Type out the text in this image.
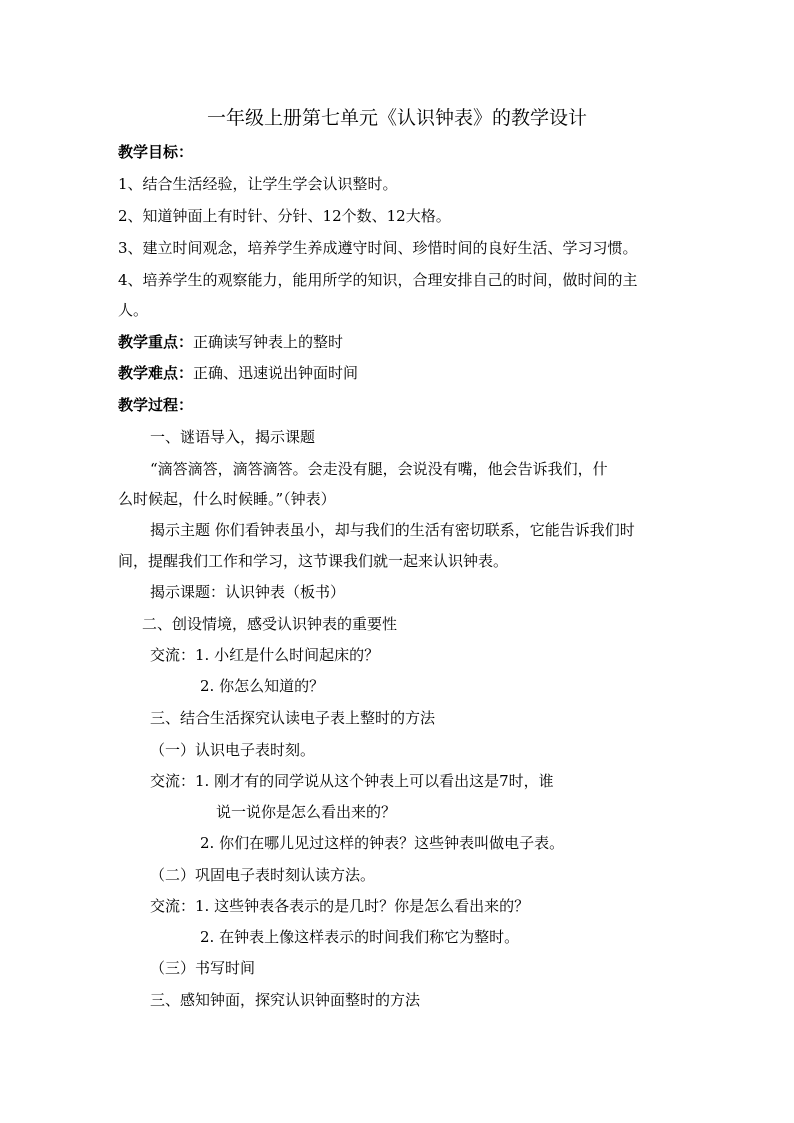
一年级上册第七单元《认识钟表》的教学设计
教学目标：
1、结合生活经验，让学生学会认识整时。
2、知道钟面上有时针、分针、12个数、12大格。
3、建立时间观念，培养学生养成遵守时间、珍惜时间的良好生活、学习习惯。
4、培养学生的观察能力，能用所学的知识，合理安排自己的时间，做时间的主
人。
教学重点：正确读写钟表上的整时
教学难点：正确、迅速说出钟面时间
教学过程：
一、谜语导入，揭示课题
“滴答滴答，滴答滴答。会走没有腿，会说没有嘴，他会告诉我们，什
么时候起，什么时候睡。”（钟表）
揭示主题 你们看钟表虽小，却与我们的生活有密切联系，它能告诉我们时
间，提醒我们工作和学习，这节课我们就一起来认识钟表。
揭示课题：认识钟表（板书）
二、创设情境，感受认识钟表的重要性
交流：1. 小红是什么时间起床的？
2. 你怎么知道的？
三、结合生活探究认读电子表上整时的方法
（一）认识电子表时刻。
交流：1. 刚才有的同学说从这个钟表上可以看出这是7时，谁
说一说你是怎么看出来的？
2. 你们在哪儿见过这样的钟表？这些钟表叫做电子表。
（二）巩固电子表时刻认读方法。
交流：1. 这些钟表各表示的是几时？你是怎么看出来的？
2. 在钟表上像这样表示的时间我们称它为整时。
（三）书写时间
三、感知钟面，探究认识钟面整时的方法
